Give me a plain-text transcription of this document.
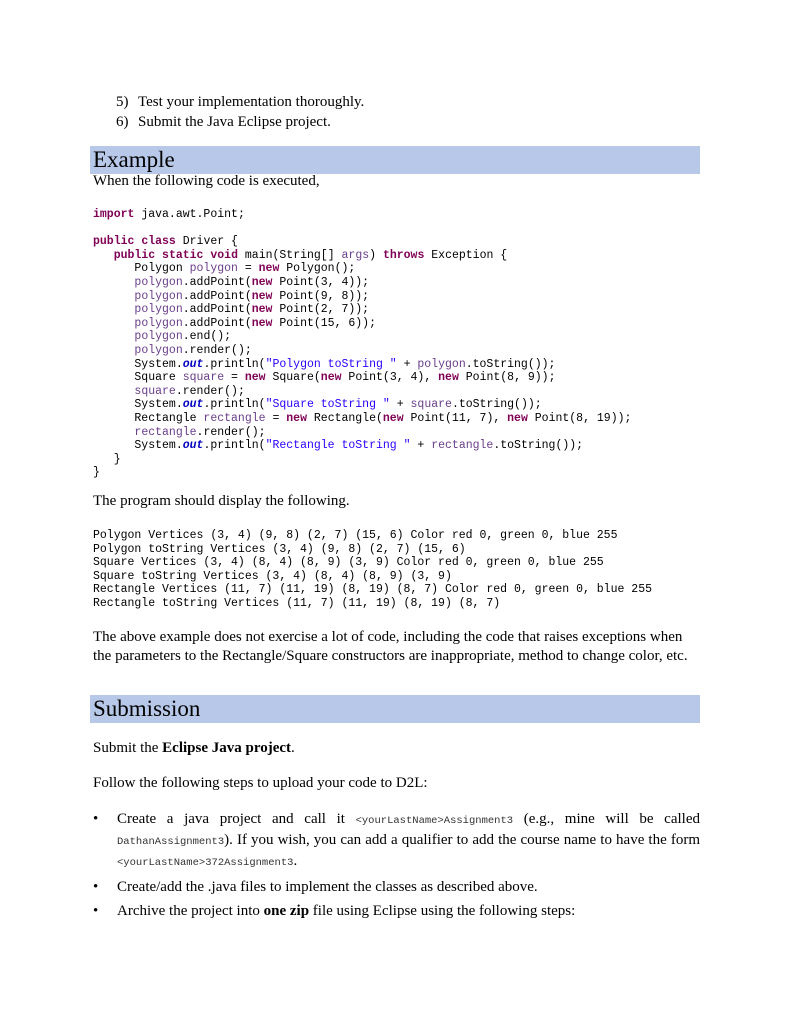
5) Test your implementation thoroughly.
6) Submit the Java Eclipse project.
Example

When the following code is executed,

import java.awt.Point;

public class Driver {
public static void main(String[] args) throws Exception {
Polygon polygon = new Polygon();
polygon.addPoint(new Point(3, 4));
polygon.addPoint(new Point(9, 8));
polygon.addPoint(new Point(2, 7));
polygon.addPoint(new Point(15, 6));
polygon.end();
polygon.render();
System.out.println("Polygon toString " + polygon.toString());
Square square = new Square(new Point(3, 4), new Point(8, 9));
square.render();
System.out.println("Square toString " + square.toString());
Rectangle rectangle = new Rectangle(new Point(11, 7), new Point(8, 19));
rectangle.render();
System.out.println("Rectangle toString " + rectangle.toString());
}
}

The program should display the following.

Polygon Vertices (3, 4) (9, 8) (2, 7) (15, 6) Color red 0, green 0, blue 255
Polygon toString Vertices (3, 4) (9, 8) (2, 7) (15, 6)
Square Vertices (3, 4) (8, 4) (8, 9) (3, 9) Color red 0, green 0, blue 255
Square toString Vertices (3, 4) (8, 4) (8, 9) (3, 9)
Rectangle Vertices (11, 7) (11, 19) (8, 19) (8, 7) Color red 0, green 0, blue 255
Rectangle toString Vertices (11, 7) (11, 19) (8, 19) (8, 7)

The above example does not exercise a lot of code, including the code that raises exceptions when the parameters to the Rectangle/Square constructors are inappropriate, method to change color, etc.

Submission

Submit the Eclipse Java project.

Follow the following steps to upload your code to D2L:

•	Create a java project and call it <yourLastName>Assignment3 (e.g., mine will be called DathanAssignment3). If you wish, you can add a qualifier to add the course name to have the form <yourLastName>372Assignment3.
•	Create/add the .java files to implement the classes as described above.
•	Archive the project into one zip file using Eclipse using the following steps:
